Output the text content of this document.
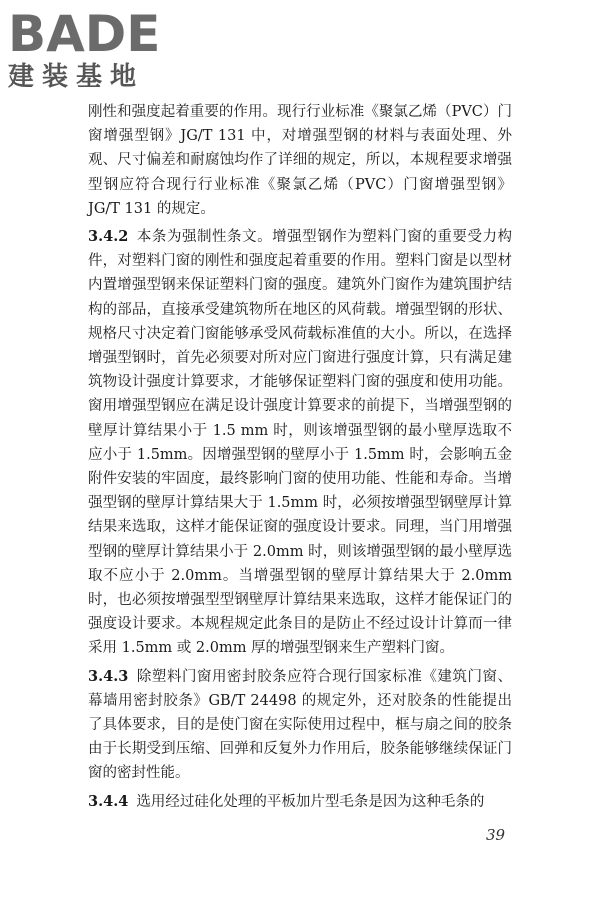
BADE
建装基地

刚性和强度起着重要的作用。现行行业标准《聚氯乙烯（PVC）门窗增强型钢》JG/T 131 中，对增强型钢的材料与表面处理、外观、尺寸偏差和耐腐蚀均作了详细的规定，所以，本规程要求增强型钢应符合现行行业标准《聚氯乙烯（PVC）门窗增强型钢》JG/T 131 的规定。

3.4.2 本条为强制性条文。增强型钢作为塑料门窗的重要受力构件，对塑料门窗的刚性和强度起着重要的作用。塑料门窗是以型材内置增强型钢来保证塑料门窗的强度。建筑外门窗作为建筑围护结构的部品，直接承受建筑物所在地区的风荷载。增强型钢的形状、规格尺寸决定着门窗能够承受风荷载标准值的大小。所以，在选择增强型钢时，首先必须要对所对应门窗进行强度计算，只有满足建筑物设计强度计算要求，才能够保证塑料门窗的强度和使用功能。窗用增强型钢应在满足设计强度计算要求的前提下，当增强型钢的壁厚计算结果小于 1.5 mm 时，则该增强型钢的最小壁厚选取不应小于 1.5mm。因增强型钢的壁厚小于 1.5mm 时，会影响五金附件安装的牢固度，最终影响门窗的使用功能、性能和寿命。当增强型钢的壁厚计算结果大于 1.5mm 时，必须按增强型钢壁厚计算结果来选取，这样才能保证窗的强度设计要求。同理，当门用增强型钢的壁厚计算结果小于 2.0mm 时，则该增强型钢的最小壁厚选取不应小于 2.0mm。当增强型钢的壁厚计算结果大于 2.0mm 时，也必须按增强型型钢壁厚计算结果来选取，这样才能保证门的强度设计要求。本规程规定此条目的是防止不经过设计计算而一律采用 1.5mm 或 2.0mm 厚的增强型钢来生产塑料门窗。

3.4.3 除塑料门窗用密封胶条应符合现行国家标准《建筑门窗、幕墙用密封胶条》GB/T 24498 的规定外，还对胶条的性能提出了具体要求，目的是使门窗在实际使用过程中，框与扇之间的胶条由于长期受到压缩、回弹和反复外力作用后，胶条能够继续保证门窗的密封性能。

3.4.4 选用经过硅化处理的平板加片型毛条是因为这种毛条的

39
